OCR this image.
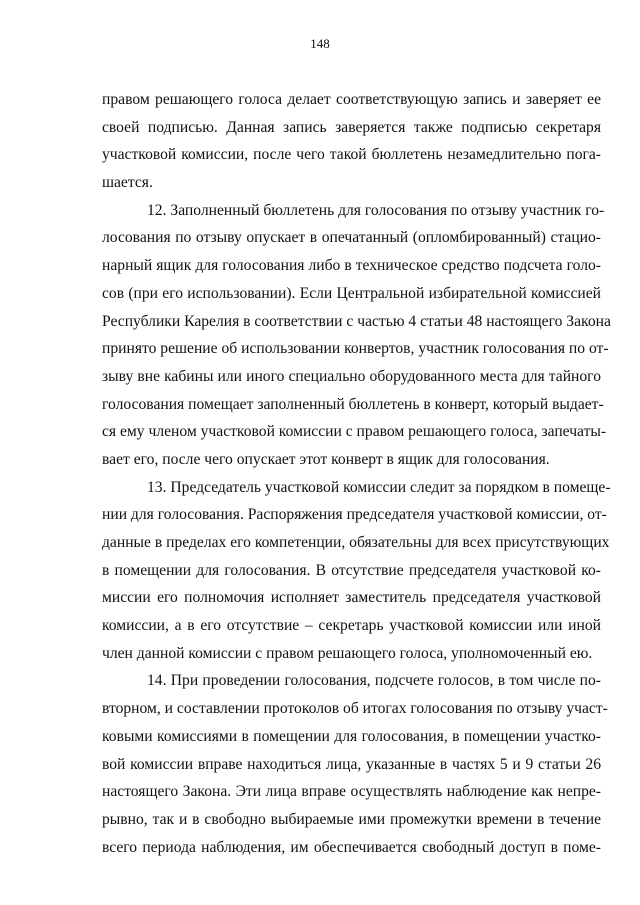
148
правом решающего голоса делает соответствующую запись и заверяет ее
своей подписью. Данная запись заверяется также подписью секретаря
участковой комиссии, после чего такой бюллетень незамедлительно пога-
шается.
12. Заполненный бюллетень для голосования по отзыву участник го-
лосования по отзыву опускает в опечатанный (опломбированный) стацио-
нарный ящик для голосования либо в техническое средство подсчета голо-
сов (при его использовании). Если Центральной избирательной комиссией
Республики Карелия в соответствии с частью 4 статьи 48 настоящего Закона
принято решение об использовании конвертов, участник голосования по от-
зыву вне кабины или иного специально оборудованного места для тайного
голосования помещает заполненный бюллетень в конверт, который выдает-
ся ему членом участковой комиссии с правом решающего голоса, запечаты-
вает его, после чего опускает этот конверт в ящик для голосования.
13. Председатель участковой комиссии следит за порядком в помеще-
нии для голосования. Распоряжения председателя участковой комиссии, от-
данные в пределах его компетенции, обязательны для всех присутствующих
в помещении для голосования. В отсутствие председателя участковой ко-
миссии его полномочия исполняет заместитель председателя участковой
комиссии, а в его отсутствие – секретарь участковой комиссии или иной
член данной комиссии с правом решающего голоса, уполномоченный ею.
14. При проведении голосования, подсчете голосов, в том числе по-
вторном, и составлении протоколов об итогах голосования по отзыву участ-
ковыми комиссиями в помещении для голосования, в помещении участко-
вой комиссии вправе находиться лица, указанные в частях 5 и 9 статьи 26
настоящего Закона. Эти лица вправе осуществлять наблюдение как непре-
рывно, так и в свободно выбираемые ими промежутки времени в течение
всего периода наблюдения, им обеспечивается свободный доступ в поме-
